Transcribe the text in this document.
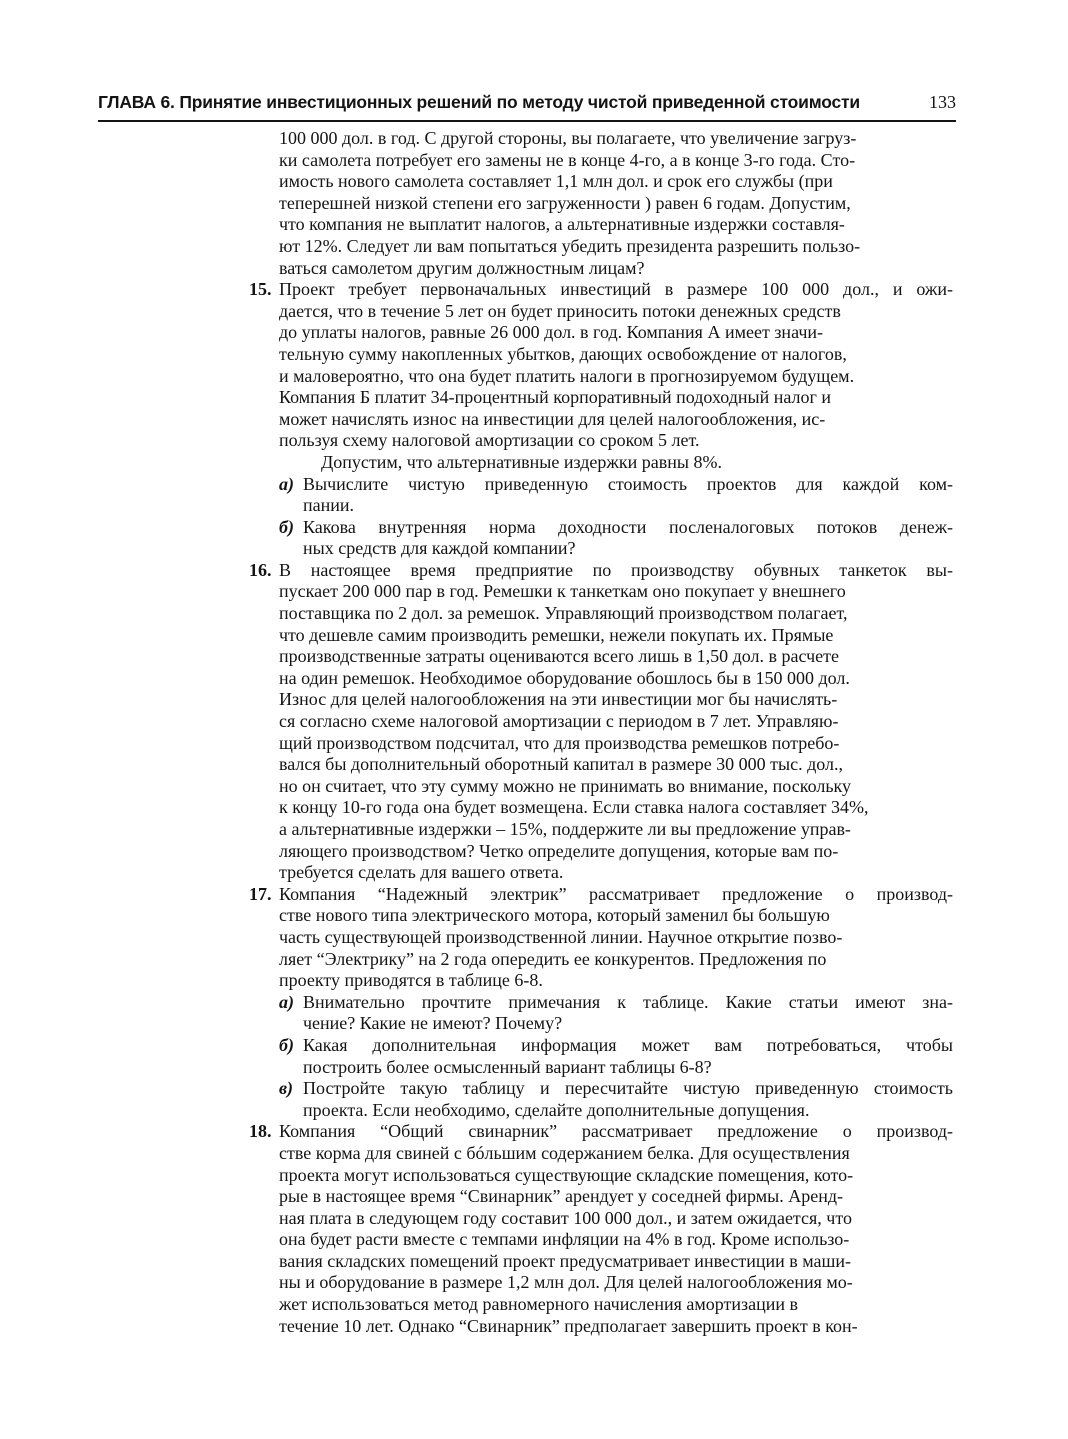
ГЛАВА 6. Принятие инвестиционных решений по методу чистой приведенной стоимости	133
100 000 дол. в год. С другой стороны, вы полагаете, что увеличение загруз-
ки самолета потребует его замены не в конце 4-го, а в конце 3-го года. Сто-
имость нового самолета составляет 1,1 млн дол. и срок его службы (при
теперешней низкой степени его загруженности ) равен 6 годам. Допустим,
что компания не выплатит налогов, а альтернативные издержки составля-
ют 12%. Следует ли вам попытаться убедить президента разрешить пользо-
ваться самолетом другим должностным лицам?
15. Проект требует первоначальных инвестиций в размере 100 000 дол., и ожи-
дается, что в течение 5 лет он будет приносить потоки денежных средств
до уплаты налогов, равные 26 000 дол. в год. Компания А имеет значи-
тельную сумму накопленных убытков, дающих освобождение от налогов,
и маловероятно, что она будет платить налоги в прогнозируемом будущем.
Компания Б платит 34-процентный корпоративный подоходный налог и
может начислять износ на инвестиции для целей налогообложения, ис-
пользуя схему налоговой амортизации со сроком 5 лет.
Допустим, что альтернативные издержки равны 8%.
а) Вычислите чистую приведенную стоимость проектов для каждой ком-
пании.
б) Какова внутренняя норма доходности посленалоговых потоков денеж-
ных средств для каждой компании?
16. В настоящее время предприятие по производству обувных танкеток вы-
пускает 200 000 пар в год. Ремешки к танкеткам оно покупает у внешнего
поставщика по 2 дол. за ремешок. Управляющий производством полагает,
что дешевле самим производить ремешки, нежели покупать их. Прямые
производственные затраты оцениваются всего лишь в 1,50 дол. в расчете
на один ремешок. Необходимое оборудование обошлось бы в 150 000 дол.
Износ для целей налогообложения на эти инвестиции мог бы начислять-
ся согласно схеме налоговой амортизации с периодом в 7 лет. Управляю-
щий производством подсчитал, что для производства ремешков потребо-
вался бы дополнительный оборотный капитал в размере 30 000 тыс. дол.,
но он считает, что эту сумму можно не принимать во внимание, поскольку
к концу 10-го года она будет возмещена. Если ставка налога составляет 34%,
а альтернативные издержки – 15%, поддержите ли вы предложение управ-
ляющего производством? Четко определите допущения, которые вам по-
требуется сделать для вашего ответа.
17. Компания “Надежный электрик” рассматривает предложение о производ-
стве нового типа электрического мотора, который заменил бы большую
часть существующей производственной линии. Научное открытие позво-
ляет “Электрику” на 2 года опередить ее конкурентов. Предложения по
проекту приводятся в таблице 6-8.
а) Внимательно прочтите примечания к таблице. Какие статьи имеют зна-
чение? Какие не имеют? Почему?
б) Какая дополнительная информация может вам потребоваться, чтобы
построить более осмысленный вариант таблицы 6-8?
в) Постройте такую таблицу и пересчитайте чистую приведенную стоимость
проекта. Если необходимо, сделайте дополнительные допущения.
18. Компания “Общий свинарник” рассматривает предложение о производ-
стве корма для свиней с бóльшим содержанием белка. Для осуществления
проекта могут использоваться существующие складские помещения, кото-
рые в настоящее время “Свинарник” арендует у соседней фирмы. Аренд-
ная плата в следующем году составит 100 000 дол., и затем ожидается, что
она будет расти вместе с темпами инфляции на 4% в год. Кроме использо-
вания складских помещений проект предусматривает инвестиции в маши-
ны и оборудование в размере 1,2 млн дол. Для целей налогообложения мо-
жет использоваться метод равномерного начисления амортизации в
течение 10 лет. Однако “Свинарник” предполагает завершить проект в кон-
